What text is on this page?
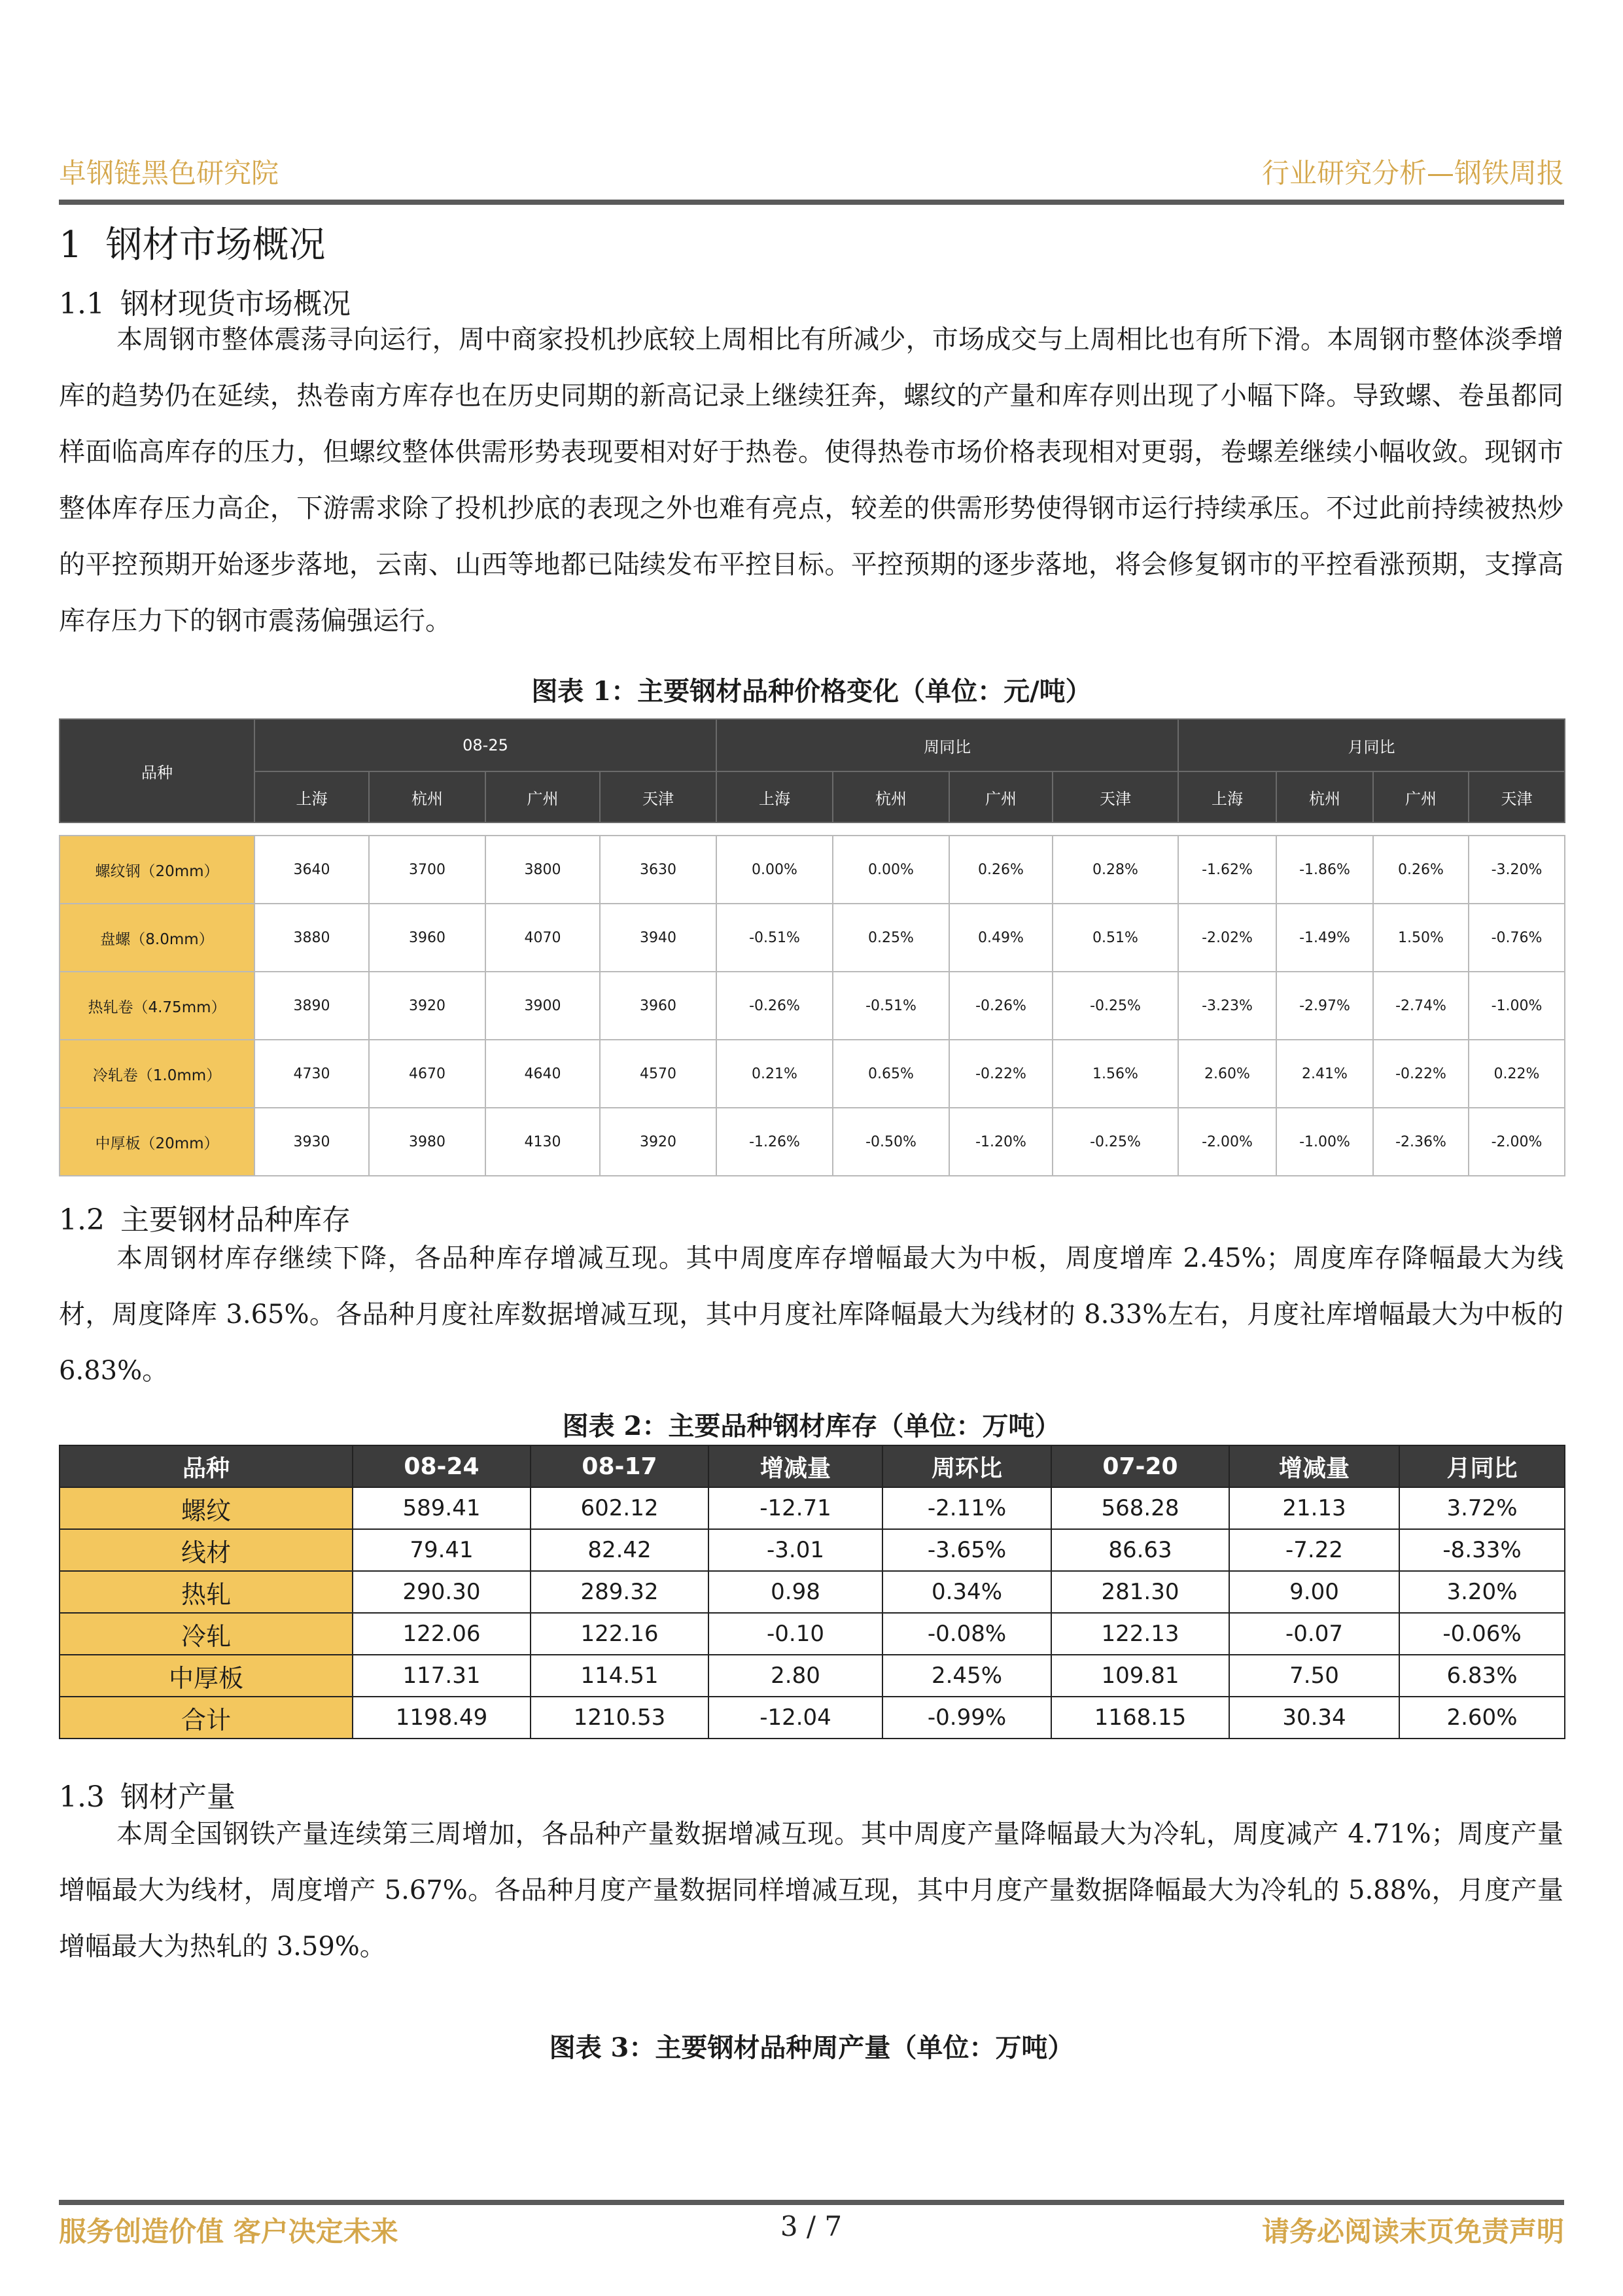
卓钢链黑色研究院	行业研究分析—钢铁周报
1 钢材市场概况
1.1 钢材现货市场概况
本周钢市整体震荡寻向运行，周中商家投机抄底较上周相比有所减少，市场成交与上周相比也有所下滑。本周钢市整体淡季增库的趋势仍在延续，热卷南方库存也在历史同期的新高记录上继续狂奔，螺纹的产量和库存则出现了小幅下降。导致螺、卷虽都同样面临高库存的压力，但螺纹整体供需形势表现要相对好于热卷。使得热卷市场价格表现相对更弱，卷螺差继续小幅收敛。现钢市整体库存压力高企，下游需求除了投机抄底的表现之外也难有亮点，较差的供需形势使得钢市运行持续承压。不过此前持续被热炒的平控预期开始逐步落地，云南、山西等地都已陆续发布平控目标。平控预期的逐步落地，将会修复钢市的平控看涨预期，支撑高库存压力下的钢市震荡偏强运行。
图表 1：主要钢材品种价格变化（单位：元/吨）
品种	08-25				周同比				月同比			
	上海	杭州	广州	天津	上海	杭州	广州	天津	上海	杭州	广州	天津

螺纹钢（20mm）	3640	3700	3800	3630	0.00%	0.00%	0.26%	0.28%	-1.62%	-1.86%	0.26%	-3.20%
盘螺（8.0mm）	3880	3960	4070	3940	-0.51%	0.25%	0.49%	0.51%	-2.02%	-1.49%	1.50%	-0.76%
热轧卷（4.75mm）	3890	3920	3900	3960	-0.26%	-0.51%	-0.26%	-0.25%	-3.23%	-2.97%	-2.74%	-1.00%
冷轧卷（1.0mm）	4730	4670	4640	4570	0.21%	0.65%	-0.22%	1.56%	2.60%	2.41%	-0.22%	0.22%
中厚板（20mm）	3930	3980	4130	3920	-1.26%	-0.50%	-1.20%	-0.25%	-2.00%	-1.00%	-2.36%	-2.00%
1.2 主要钢材品种库存
本周钢材库存继续下降，各品种库存增减互现。其中周度库存增幅最大为中板，周度增库 2.45%；周度库存降幅最大为线材，周度降库 3.65%。各品种月度社库数据增减互现，其中月度社库降幅最大为线材的 8.33%左右，月度社库增幅最大为中板的 6.83%。
图表 2：主要品种钢材库存（单位：万吨）
品种	08-24	08-17	增减量	周环比	07-20	增减量	月同比
螺纹	589.41	602.12	-12.71	-2.11%	568.28	21.13	3.72%
线材	79.41	82.42	-3.01	-3.65%	86.63	-7.22	-8.33%
热轧	290.30	289.32	0.98	0.34%	281.30	9.00	3.20%
冷轧	122.06	122.16	-0.10	-0.08%	122.13	-0.07	-0.06%
中厚板	117.31	114.51	2.80	2.45%	109.81	7.50	6.83%
合计	1198.49	1210.53	-12.04	-0.99%	1168.15	30.34	2.60%
1.3 钢材产量
本周全国钢铁产量连续第三周增加，各品种产量数据增减互现。其中周度产量降幅最大为冷轧，周度减产 4.71%；周度产量增幅最大为线材，周度增产 5.67%。各品种月度产量数据同样增减互现，其中月度产量数据降幅最大为冷轧的 5.88%，月度产量增幅最大为热轧的 3.59%。
图表 3：主要钢材品种周产量（单位：万吨）
服务创造价值 客户决定未来	3 / 7	请务必阅读末页免责声明
